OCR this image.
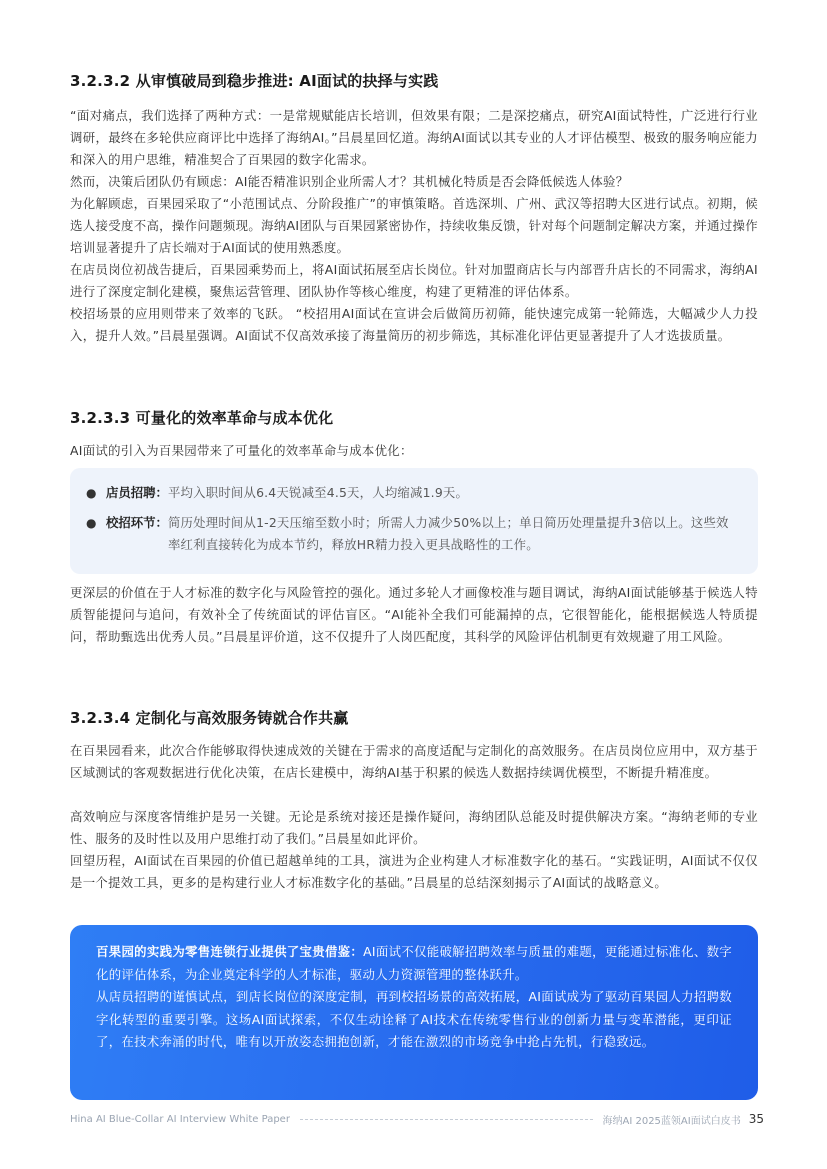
3.2.3.2 从审慎破局到稳步推进: AI面试的抉择与实践

“面对痛点，我们选择了两种方式：一是常规赋能店长培训，但效果有限；二是深挖痛点，研究AI面试特性，广泛进行行业调研，最终在多轮供应商评比中选择了海纳AI。”吕晨星回忆道。海纳AI面试以其专业的人才评估模型、极致的服务响应能力和深入的用户思维，精准契合了百果园的数字化需求。

然而，决策后团队仍有顾虑：AI能否精准识别企业所需人才？其机械化特质是否会降低候选人体验？

为化解顾虑，百果园采取了“小范围试点、分阶段推广”的审慎策略。首选深圳、广州、武汉等招聘大区进行试点。初期，候选人接受度不高，操作问题频现。海纳AI团队与百果园紧密协作，持续收集反馈，针对每个问题制定解决方案，并通过操作培训显著提升了店长端对于AI面试的使用熟悉度。

在店员岗位初战告捷后，百果园乘势而上，将AI面试拓展至店长岗位。针对加盟商店长与内部晋升店长的不同需求，海纳AI进行了深度定制化建模，聚焦运营管理、团队协作等核心维度，构建了更精准的评估体系。

校招场景的应用则带来了效率的飞跃。 “校招用AI面试在宣讲会后做简历初筛，能快速完成第一轮筛选，大幅减少人力投入，提升人效。”吕晨星强调。AI面试不仅高效承接了海量简历的初步筛选，其标准化评估更显著提升了人才选拔质量。

3.2.3.3 可量化的效率革命与成本优化

AI面试的引入为百果园带来了可量化的效率革命与成本优化：

● 店员招聘： 平均入职时间从6.4天锐减至4.5天，人均缩减1.9天。
● 校招环节： 简历处理时间从1-2天压缩至数小时；所需人力减少50%以上；单日简历处理量提升3倍以上。这些效率红利直接转化为成本节约，释放HR精力投入更具战略性的工作。

更深层的价值在于人才标准的数字化与风险管控的强化。通过多轮人才画像校准与题目调试，海纳AI面试能够基于候选人特质智能提问与追问，有效补全了传统面试的评估盲区。“AI能补全我们可能漏掉的点，它很智能化，能根据候选人特质提问，帮助甄选出优秀人员。”吕晨星评价道，这不仅提升了人岗匹配度，其科学的风险评估机制更有效规避了用工风险。

3.2.3.4 定制化与高效服务铸就合作共赢

在百果园看来，此次合作能够取得快速成效的关键在于需求的高度适配与定制化的高效服务。在店员岗位应用中，双方基于区域测试的客观数据进行优化决策，在店长建模中，海纳AI基于积累的候选人数据持续调优模型，不断提升精准度。

高效响应与深度客情维护是另一关键。无论是系统对接还是操作疑问，海纳团队总能及时提供解决方案。“海纳老师的专业性、服务的及时性以及用户思维打动了我们。”吕晨星如此评价。

回望历程，AI面试在百果园的价值已超越单纯的工具，演进为企业构建人才标准数字化的基石。“实践证明，AI面试不仅仅是一个提效工具，更多的是构建行业人才标准数字化的基础。”吕晨星的总结深刻揭示了AI面试的战略意义。

百果园的实践为零售连锁行业提供了宝贵借鉴：AI面试不仅能破解招聘效率与质量的难题，更能通过标准化、数字化的评估体系，为企业奠定科学的人才标准，驱动人力资源管理的整体跃升。

从店员招聘的谨慎试点，到店长岗位的深度定制，再到校招场景的高效拓展，AI面试成为了驱动百果园人力招聘数字化转型的重要引擎。这场AI面试探索，不仅生动诠释了AI技术在传统零售行业的创新力量与变革潜能，更印证了，在技术奔涌的时代，唯有以开放姿态拥抱创新，才能在激烈的市场竞争中抢占先机，行稳致远。

Hina AI Blue-Collar AI Interview White Paper	海纳AI 2025蓝领AI面试白皮书 35
